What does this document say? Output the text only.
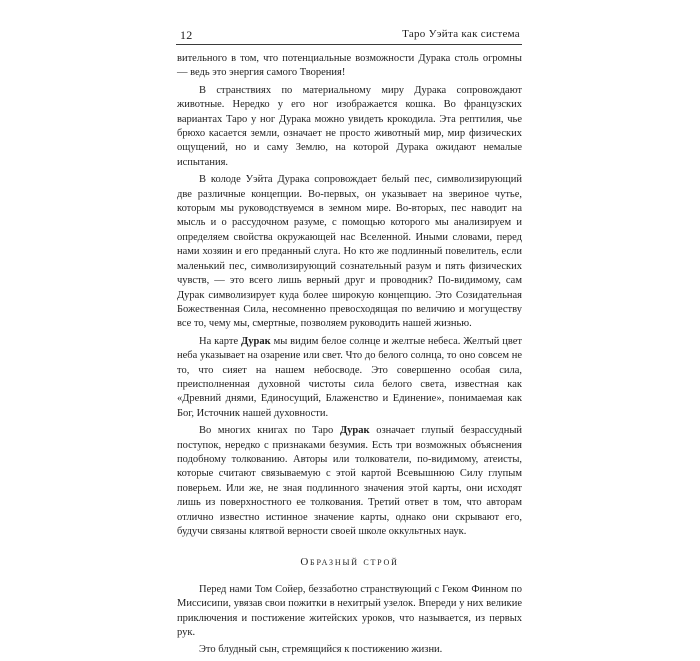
12	Таро Уэйта как система

вительного в том, что потенциальные возможности Дурака столь огромны — ведь это энергия самого Творения!

В странствиях по материальному миру Дурака сопровождают животные. Нередко у его ног изображается кошка. Во французских вариантах Таро у ног Дурака можно увидеть крокодила. Эта рептилия, чье брюхо касается земли, означает не просто животный мир, мир физических ощущений, но и саму Землю, на которой Дурака ожидают немалые испытания.

В колоде Уэйта Дурака сопровождает белый пес, символизирующий две различные концепции. Во-первых, он указывает на звериное чутье, которым мы руководствуемся в земном мире. Во-вторых, пес наводит на мысль и о рассудочном разуме, с помощью которого мы анализируем и определяем свойства окружающей нас Вселенной. Иными словами, перед нами хозяин и его преданный слуга. Но кто же подлинный повелитель, если маленький пес, символизирующий сознательный разум и пять физических чувств, — это всего лишь верный друг и проводник? По-видимому, сам Дурак символизирует куда более широкую концепцию. Это Созидательная Божественная Сила, несомненно превосходящая по величию и могуществу все то, чему мы, смертные, позволяем руководить нашей жизнью.

На карте Дурак мы видим белое солнце и желтые небеса. Желтый цвет неба указывает на озарение или свет. Что до белого солнца, то оно совсем не то, что сияет на нашем небосводе. Это совершенно особая сила, преисполненная духовной чистоты сила белого света, известная как «Древний днями, Единосущий, Блаженство и Единение», понимаемая как Бог, Источник нашей духовности.

Во многих книгах по Таро Дурак означает глупый безрассудный поступок, нередко с признаками безумия. Есть три возможных объяснения подобному толкованию. Авторы или толкователи, по-видимому, атеисты, которые считают связываемую с этой картой Всевышнюю Силу глупым поверьем. Или же, не зная подлинного значения этой карты, они исходят лишь из поверхностного ее толкования. Третий ответ в том, что авторам отлично известно истинное значение карты, однако они скрывают его, будучи связаны клятвой верности своей школе оккультных наук.

Образный строй

Перед нами Том Сойер, беззаботно странствующий с Геком Финном по Миссисипи, увязав свои пожитки в нехитрый узелок. Впереди у них великие приключения и постижение житейских уроков, что называется, из первых рук.

Это блудный сын, стремящийся к постижению жизни.
